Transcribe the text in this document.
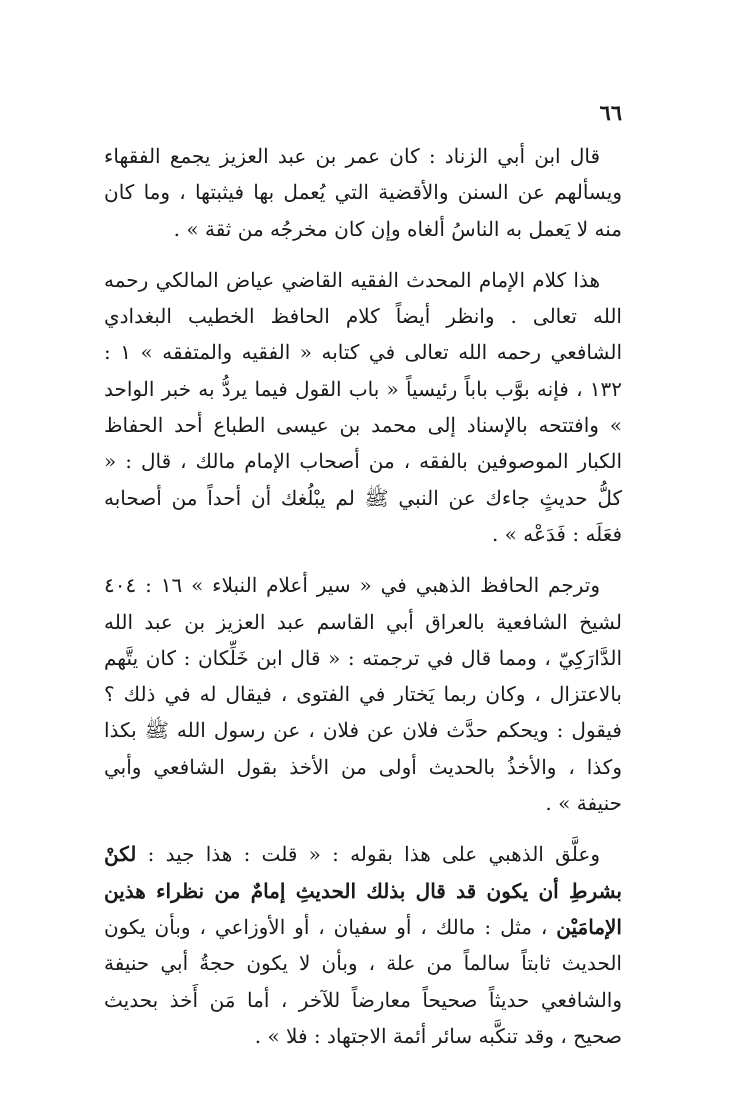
٦٦

قال ابن أبي الزناد : كان عمر بن عبد العزيز يجمع الفقهاء ويسألهم عن السنن والأقضية التي يُعمل بها فيثبتها ، وما كان منه لا يَعمل به الناسُ ألغاه وإن كان مخرجُه من ثقة » .

هذا كلام الإمام المحدث الفقيه القاضي عياض المالكي رحمه الله تعالى . وانظر أيضاً كلام الحافظ الخطيب البغدادي الشافعي رحمه الله تعالى في كتابه « الفقيه والمتفقه » ١ : ١٣٢ ، فإنه بوَّب باباً رئيسياً « باب القول فيما يردُّ به خبر الواحد » وافتتحه بالإسناد إلى محمد بن عيسى الطباع أحد الحفاظ الكبار الموصوفين بالفقه ، من أصحاب الإمام مالك ، قال : « كلُّ حديثٍ جاءك عن النبي ﷺ لم يبْلُغك أن أحداً من أصحابه فعَلَه : فَدَعْه » .

وترجم الحافظ الذهبي في « سير أعلام النبلاء » ١٦ : ٤٠٤ لشيخ الشافعية بالعراق أبي القاسم عبد العزيز بن عبد الله الدَّارَكِيّ ، ومما قال في ترجمته : « قال ابن خَلِّكان : كان يتَّهم بالاعتزال ، وكان ربما يَختار في الفتوى ، فيقال له في ذلك ؟ فيقول : ويحكم حدَّث فلان عن فلان ، عن رسول الله ﷺ بكذا وكذا ، والأخذُ بالحديث أولى من الأخذ بقول الشافعي وأبي حنيفة » .

وعلَّق الذهبي على هذا بقوله : « قلت : هذا جيد : لكنْ بشرطِ أن يكون قد قال بذلك الحديثِ إمامٌ من نظراء هذين الإمامَيْن ، مثل : مالك ، أو سفيان ، أو الأوزاعي ، وبأن يكون الحديث ثابتاً سالماً من علة ، وبأن لا يكون حجةُ أبي حنيفة والشافعي حديثاً صحيحاً معارضاً للآخر ، أما مَن أَخذ بحديث صحيح ، وقد تنكَّبه سائر أئمة الاجتهاد : فلا » .
